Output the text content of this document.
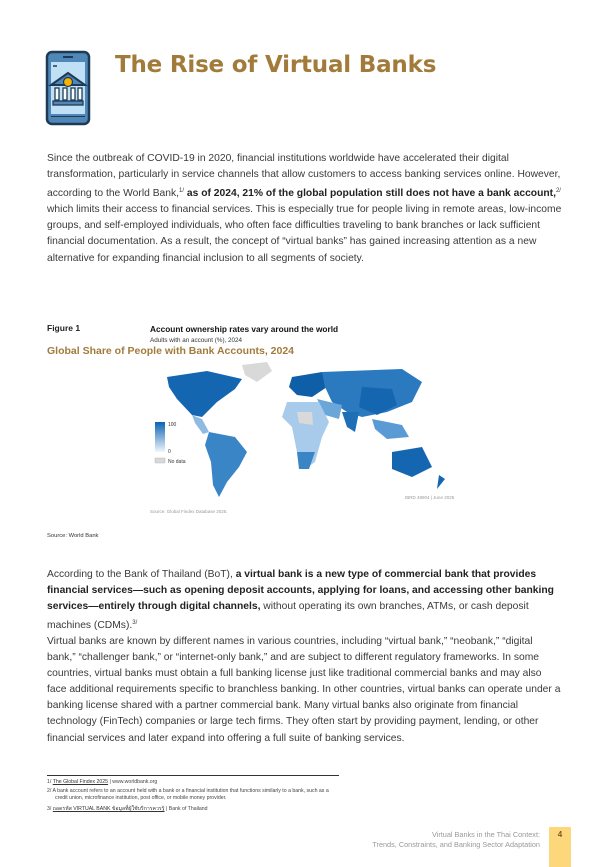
The Rise of Virtual Banks

Since the outbreak of COVID-19 in 2020, financial institutions worldwide have accelerated their digital transformation, particularly in service channels that allow customers to access banking services online. However, according to the World Bank,$^{1/}$ as of 2024, 21% of the global population still does not have a bank account,$^{2/}$ which limits their access to financial services. This is especially true for people living in remote areas, low-income groups, and self-employed individuals, who often face difficulties traveling to bank branches or lack sufficient financial documentation. As a result, the concept of “virtual banks” has gained increasing attention as a new alternative for expanding financial inclusion to all segments of society.

Figure 1
Global Share of People with Bank Accounts, 2024
Account ownership rates vary around the world
Adults with an account (%), 2024
100
0
No data
IBRD 48904 | June 2025
Source: Global Findex Database 2025.
Source: World Bank

According to the Bank of Thailand (BoT), a virtual bank is a new type of commercial bank that provides financial services—such as opening deposit accounts, applying for loans, and accessing other banking services—entirely through digital channels, without operating its own branches, ATMs, or cash deposit machines (CDMs).$^{3/}$

Virtual banks are known by different names in various countries, including “virtual bank,” “neobank,” “digital bank,” “challenger bank,” or “internet-only bank,” and are subject to different regulatory frameworks. In some countries, virtual banks must obtain a full banking license just like traditional commercial banks and may also face additional requirements specific to branchless banking. In other countries, virtual banks can operate under a banking license shared with a partner commercial bank. Many virtual banks also originate from financial technology (FinTech) companies or large tech firms. They often start by providing payment, lending, or other financial services and later expand into offering a full suite of banking services.

1/ The Global Findex 2025 | www.worldbank.org
2/ A bank account refers to an account held with a bank or a financial institution that functions similarly to a bank, such as a credit union, microfinance institution, post office, or mobile money provider.
3/ ถอดรหัส VIRTUAL BANK ข้อมูลที่ผู้ใช้บริการควรรู้ | Bank of Thailand
Virtual Banks in the Thai Context:
Trends, Constraints, and Banking Sector Adaptation
4
